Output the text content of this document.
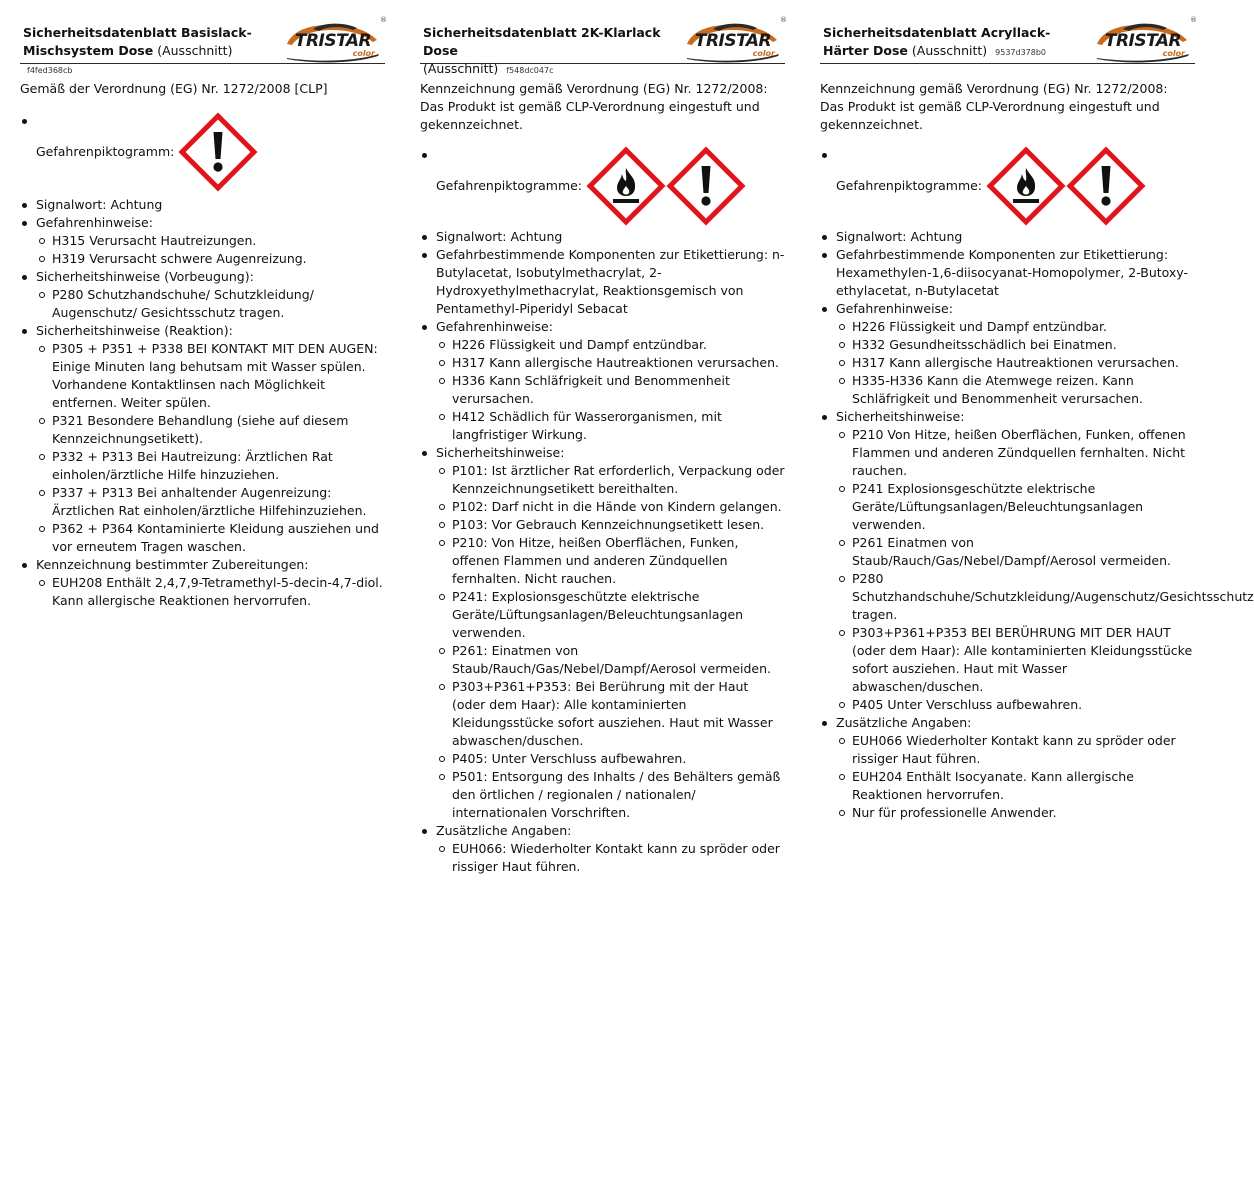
Sicherheitsdatenblatt Basislack-Mischsystem Dose (Ausschnitt) f4fed368cb
TRISTAR
color
®

Gemäß der Verordnung (EG) Nr. 1272/2008 [CLP]

Gefahrenpiktogramm:
Signalwort: Achtung
Gefahrenhinweise:
H315 Verursacht Hautreizungen.
H319 Verursacht schwere Augenreizung.
Sicherheitshinweise (Vorbeugung):
P280 Schutzhandschuhe/ Schutzkleidung/ Augenschutz/ Gesichtsschutz tragen.
Sicherheitshinweise (Reaktion):
P305 + P351 + P338 BEI KONTAKT MIT DEN AUGEN: Einige Minuten lang behutsam mit Wasser spülen. Vorhandene Kontaktlinsen nach Möglichkeit entfernen. Weiter spülen.
P321 Besondere Behandlung (siehe auf diesem Kennzeichnungsetikett).
P332 + P313 Bei Hautreizung: Ärztlichen Rat einholen/ärztliche Hilfe hinzuziehen.
P337 + P313 Bei anhaltender Augenreizung: Ärztlichen Rat einholen/ärztliche Hilfehinzuziehen.
P362 + P364 Kontaminierte Kleidung ausziehen und vor erneutem Tragen waschen.
Kennzeichnung bestimmter Zubereitungen:
EUH208 Enthält 2,4,7,9-Tetramethyl-5-decin-4,7-diol. Kann allergische Reaktionen hervorrufen.
Sicherheitsdatenblatt 2K-Klarlack Dose
(Ausschnitt) f548dc047c
TRISTAR
color
®

Kennzeichnung gemäß Verordnung (EG) Nr. 1272/2008:

Das Produkt ist gemäß CLP-Verordnung eingestuft und gekennzeichnet.

Gefahrenpiktogramme:
Signalwort: Achtung
Gefahrbestimmende Komponenten zur Etikettierung: n-Butylacetat, Isobutylmethacrylat, 2-Hydroxyethylmethacrylat, Reaktionsgemisch von Pentamethyl-Piperidyl Sebacat
Gefahrenhinweise:
H226 Flüssigkeit und Dampf entzündbar.
H317 Kann allergische Hautreaktionen verursachen.
H336 Kann Schläfrigkeit und Benommenheit verursachen.
H412 Schädlich für Wasserorganismen, mit langfristiger Wirkung.
Sicherheitshinweise:
P101: Ist ärztlicher Rat erforderlich, Verpackung oder Kennzeichnungsetikett bereithalten.
P102: Darf nicht in die Hände von Kindern gelangen.
P103: Vor Gebrauch Kennzeichnungsetikett lesen.
P210: Von Hitze, heißen Oberflächen, Funken, offenen Flammen und anderen Zündquellen fernhalten. Nicht rauchen.
P241: Explosionsgeschützte elektrische Geräte/Lüftungsanlagen/Beleuchtungsanlagen verwenden.
P261: Einatmen von Staub/Rauch/Gas/Nebel/Dampf/Aerosol vermeiden.
P303+P361+P353: Bei Berührung mit der Haut (oder dem Haar): Alle kontaminierten Kleidungsstücke sofort ausziehen. Haut mit Wasser abwaschen/duschen.
P405: Unter Verschluss aufbewahren.
P501: Entsorgung des Inhalts / des Behälters gemäß den örtlichen / regionalen / nationalen/ internationalen Vorschriften.
Zusätzliche Angaben:
EUH066: Wiederholter Kontakt kann zu spröder oder rissiger Haut führen.
Sicherheitsdatenblatt Acryllack-Härter Dose (Ausschnitt) 9537d378b0
TRISTAR
color
®

Kennzeichnung gemäß Verordnung (EG) Nr. 1272/2008:

Das Produkt ist gemäß CLP-Verordnung eingestuft und gekennzeichnet.

Gefahrenpiktogramme:
Signalwort: Achtung
Gefahrbestimmende Komponenten zur Etikettierung: Hexamethylen-1,6-diisocyanat-Homopolymer, 2-Butoxy-ethylacetat, n-Butylacetat
Gefahrenhinweise:
H226 Flüssigkeit und Dampf entzündbar.
H332 Gesundheitsschädlich bei Einatmen.
H317 Kann allergische Hautreaktionen verursachen.
H335-H336 Kann die Atemwege reizen. Kann Schläfrigkeit und Benommenheit verursachen.
Sicherheitshinweise:
P210 Von Hitze, heißen Oberflächen, Funken, offenen Flammen und anderen Zündquellen fernhalten. Nicht rauchen.
P241 Explosionsgeschützte elektrische Geräte/Lüftungsanlagen/Beleuchtungsanlagen verwenden.
P261 Einatmen von Staub/Rauch/Gas/Nebel/Dampf/Aerosol vermeiden.
P280 Schutzhandschuhe/Schutzkleidung/Augenschutz/Gesichtsschutz tragen.
P303+P361+P353 BEI BERÜHRUNG MIT DER HAUT (oder dem Haar): Alle kontaminierten Kleidungsstücke sofort ausziehen. Haut mit Wasser abwaschen/duschen.
P405 Unter Verschluss aufbewahren.
Zusätzliche Angaben:
EUH066 Wiederholter Kontakt kann zu spröder oder rissiger Haut führen.
EUH204 Enthält Isocyanate. Kann allergische Reaktionen hervorrufen.
Nur für professionelle Anwender.
